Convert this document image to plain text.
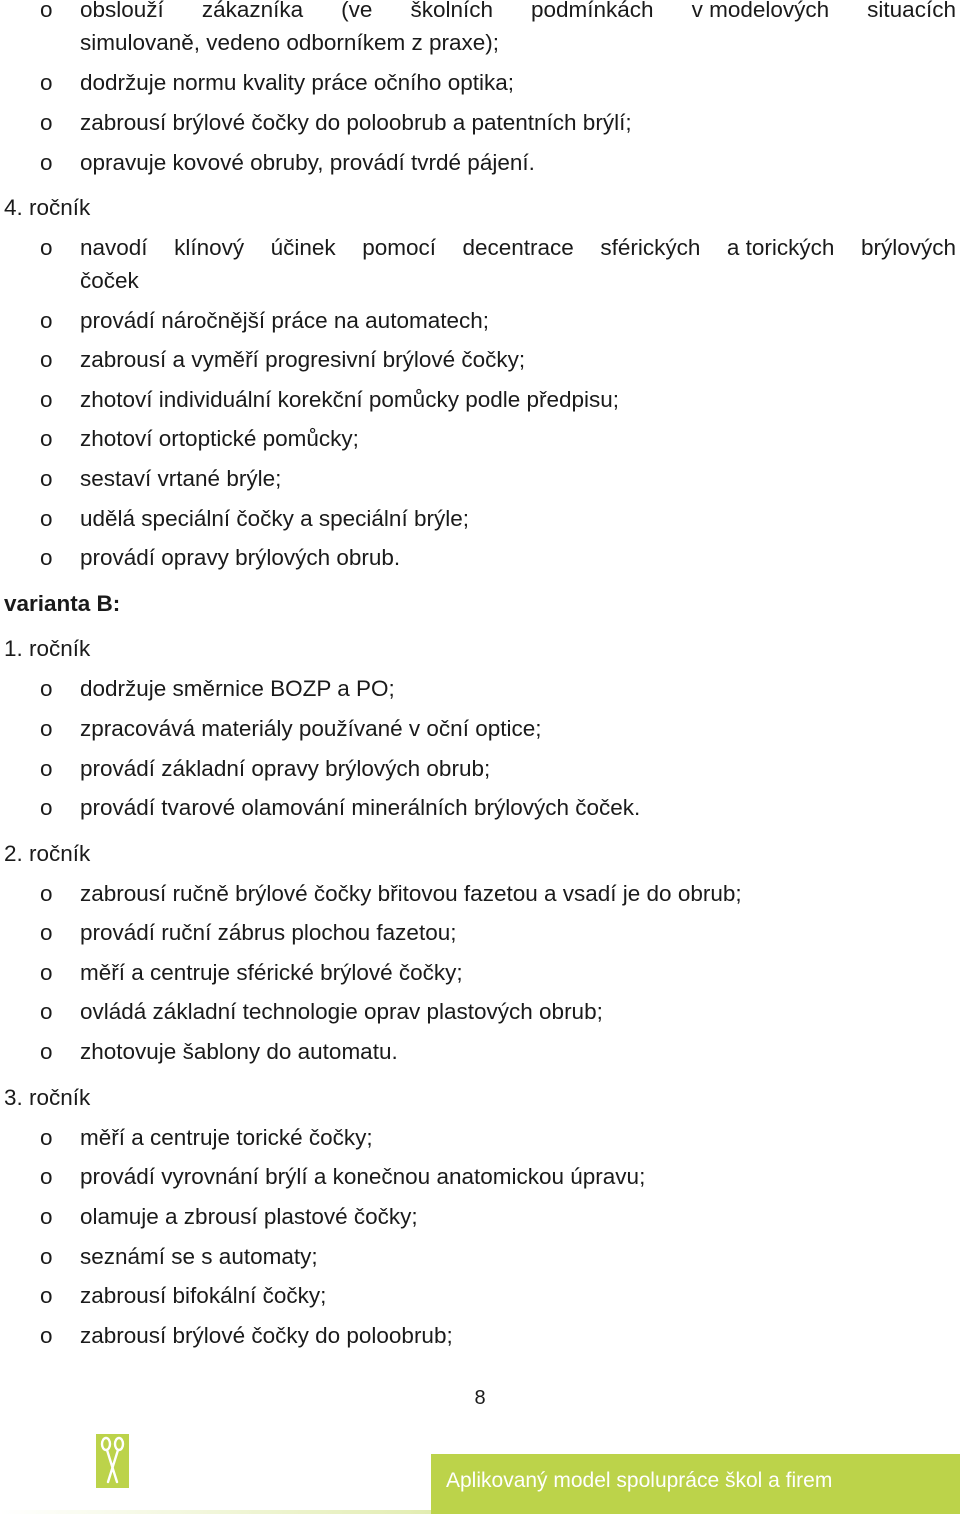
o obslouží zákazníka (ve školních podmínkách v modelových situacích
simulovaně, vedeno odborníkem z praxe);
o dodržuje normu kvality práce očního optika;
o zabrousí brýlové čočky do poloobrub a patentních brýlí;
o opravuje kovové obruby, provádí tvrdé pájení.
4. ročník
o navodí klínový účinek pomocí decentrace sférických a torických brýlových
čoček
o provádí náročnější práce na automatech;
o zabrousí a vyměří progresivní brýlové čočky;
o zhotoví individuální korekční pomůcky podle předpisu;
o zhotoví ortoptické pomůcky;
o sestaví vrtané brýle;
o udělá speciální čočky a speciální brýle;
o provádí opravy brýlových obrub.
varianta B:
1. ročník
o dodržuje směrnice BOZP a PO;
o zpracovává materiály používané v oční optice;
o provádí základní opravy brýlových obrub;
o provádí tvarové olamování minerálních brýlových čoček.
2. ročník
o zabrousí ručně brýlové čočky břitovou fazetou a vsadí je do obrub;
o provádí ruční zábrus plochou fazetou;
o měří a centruje sférické brýlové čočky;
o ovládá základní technologie oprav plastových obrub;
o zhotovuje šablony do automatu.
3. ročník
o měří a centruje torické čočky;
o provádí vyrovnání brýlí a konečnou anatomickou úpravu;
o olamuje a zbrousí plastové čočky;
o seznámí se s automaty;
o zabrousí bifokální čočky;
o zabrousí brýlové čočky do poloobrub;
8
Aplikovaný model spolupráce škol a firem
